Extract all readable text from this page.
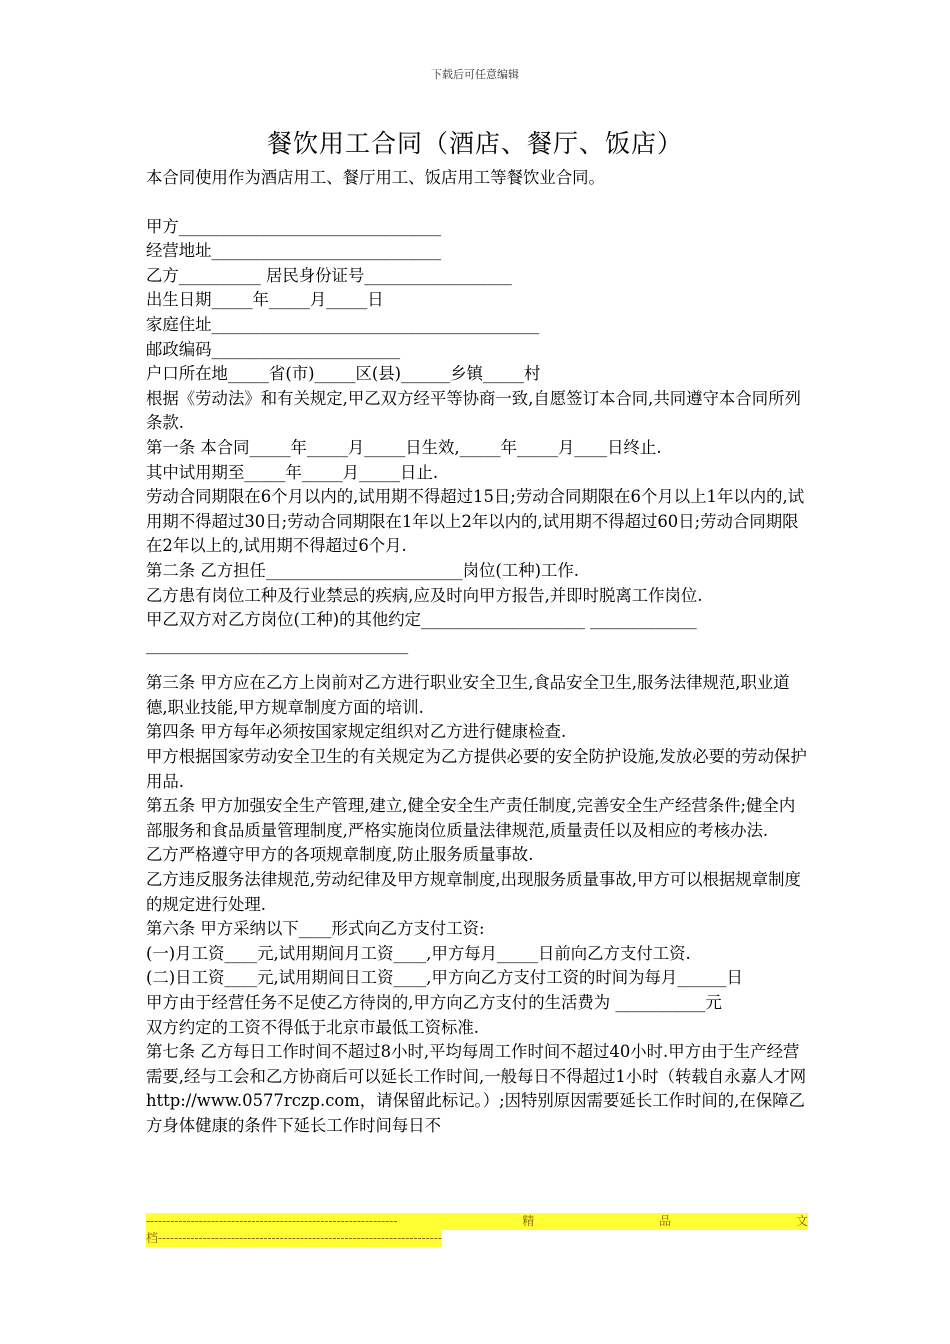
下载后可任意编辑
餐饮用工合同（酒店、餐厅、饭店）
本合同使用作为酒店用工、餐厅用工、饭店用工等餐饮业合同。
甲方________________________________
经营地址____________________________
乙方__________ 居民身份证号__________________
出生日期_____年_____月_____日
家庭住址________________________________________
邮政编码_______________________
户口所在地_____省(市)_____区(县)______乡镇_____村
根据《劳动法》和有关规定,甲乙双方经平等协商一致,自愿签订本合同,共同遵守本合同所列条款.
第一条 本合同_____年_____月_____日生效,_____年_____月____日终止.
其中试用期至_____年_____月_____日止.
劳动合同期限在6个月以内的,试用期不得超过15日;劳动合同期限在6个月以上1年以内的,试用期不得超过30日;劳动合同期限在1年以上2年以内的,试用期不得超过60日;劳动合同期限在2年以上的,试用期不得超过6个月.
第二条 乙方担任________________________岗位(工种)工作.
乙方患有岗位工种及行业禁忌的疾病,应及时向甲方报告,并即时脱离工作岗位.
甲乙双方对乙方岗位(工种)的其他约定____________________ _____________ ________________________________
第三条 甲方应在乙方上岗前对乙方进行职业安全卫生,食品安全卫生,服务法律规范,职业道德,职业技能,甲方规章制度方面的培训.
第四条 甲方每年必须按国家规定组织对乙方进行健康检查.
甲方根据国家劳动安全卫生的有关规定为乙方提供必要的安全防护设施,发放必要的劳动保护用品.
第五条 甲方加强安全生产管理,建立,健全安全生产责任制度,完善安全生产经营条件;健全内部服务和食品质量管理制度,严格实施岗位质量法律规范,质量责任以及相应的考核办法.
乙方严格遵守甲方的各项规章制度,防止服务质量事故.
乙方违反服务法律规范,劳动纪律及甲方规章制度,出现服务质量事故,甲方可以根据规章制度的规定进行处理.
第六条 甲方采纳以下____形式向乙方支付工资:
(一)月工资____元,试用期间月工资____,甲方每月_____日前向乙方支付工资.
(二)日工资____元,试用期间日工资____,甲方向乙方支付工资的时间为每月______日
甲方由于经营任务不足使乙方待岗的,甲方向乙方支付的生活费为 ___________元
双方约定的工资不得低于北京市最低工资标准.
第七条 乙方每日工作时间不超过8小时,平均每周工作时间不超过40小时.甲方由于生产经营需要,经与工会和乙方协商后可以延长工作时间,一般每日不得超过1小时（转载自永嘉人才网 http://www.0577rczp.com，请保留此标记。）;因特别原因需要延长工作时间的,在保障乙方身体健康的条件下延长工作时间每日不
--------------------------------------------------------------	精	品	文
档----------------------------------------------------------------------
